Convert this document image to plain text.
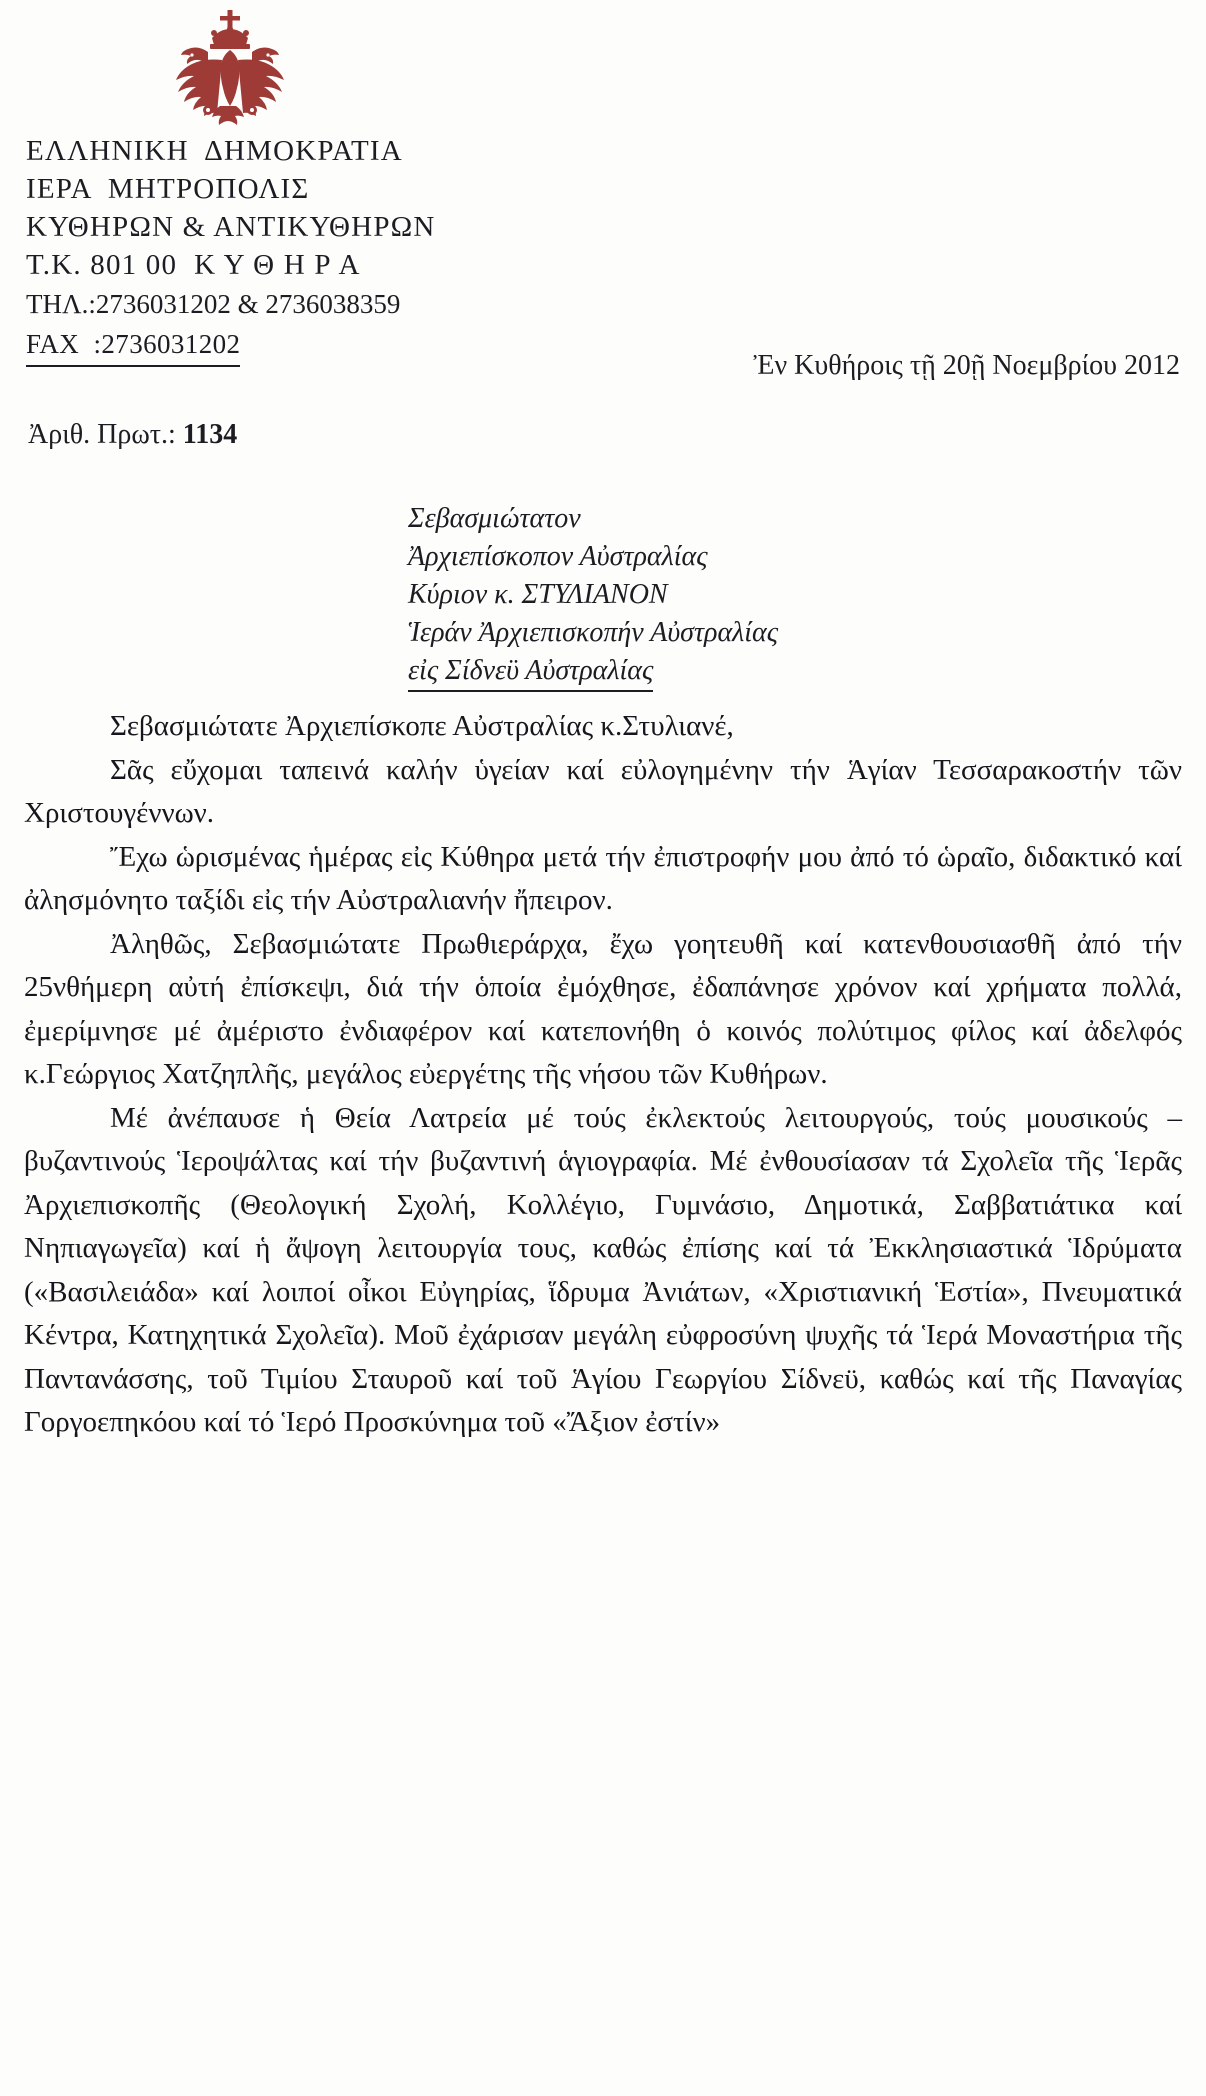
ΕΛΛΗΝΙΚΗ  ΔΗΜΟΚΡΑΤΙΑ
ΙΕΡΑ  ΜΗΤΡΟΠΟΛΙΣ
ΚΥΘΗΡΩΝ & ΑΝΤΙΚΥΘΗΡΩΝ
Τ.Κ. 801 00  Κ Υ Θ Η Ρ Α
ΤΗΛ.:2736031202 & 2736038359
FAX  :2736031202
Ἐν Κυθήροις τῇ 20ῇ Νοεμβρίου 2012
Ἀριθ. Πρωτ.: 1134
Σεβασμιώτατον
Ἀρχιεπίσκοπον Αὐστραλίας
Κύριον κ. ΣΤΥΛΙΑΝΟΝ
Ἱεράν Ἀρχιεπισκοπήν Αὐστραλίας
εἰς Σίδνεϋ Αὐστραλίας

Σεβασμιώτατε Ἀρχιεπίσκοπε Αὐστραλίας κ.Στυλιανέ,

Σᾶς εὔχομαι ταπεινά καλήν ὑγείαν καί εὐλογημένην τήν Ἁγίαν Τεσσαρακοστήν τῶν Χριστουγέννων.

Ἔχω ὡρισμένας ἡμέρας εἰς Κύθηρα μετά τήν ἐπιστροφήν μου ἀπό τό ὡραῖο, διδακτικό καί ἀλησμόνητο ταξίδι εἰς τήν Αὐστραλιανήν ἤπειρον.

Ἀληθῶς, Σεβασμιώτατε Πρωθιεράρχα, ἔχω γοητευθῆ καί κατενθουσιασθῆ ἀπό τήν 25νθήμερη αὐτή ἐπίσκεψι, διά τήν ὁποία ἐμόχθησε, ἐδαπάνησε χρόνον καί χρήματα πολλά, ἐμερίμνησε μέ ἀμέριστο ἐνδιαφέρον καί κατεπονήθη ὁ κοινός πολύτιμος φίλος καί ἀδελφός κ.Γεώργιος Χατζηπλῆς, μεγάλος εὐεργέτης τῆς νήσου τῶν Κυθήρων.

Μέ ἀνέπαυσε ἡ Θεία Λατρεία μέ τούς ἐκλεκτούς λειτουργούς, τούς μουσικούς – βυζαντινούς Ἱεροψάλτας καί τήν βυζαντινή ἁγιογραφία. Μέ ἐνθουσίασαν τά Σχολεῖα τῆς Ἱερᾶς Ἀρχιεπισκοπῆς (Θεολογική Σχολή, Κολλέγιο, Γυμνάσιο, Δημοτικά, Σαββατιάτικα καί Νηπιαγωγεῖα) καί ἡ ἄψογη λειτουργία τους, καθώς ἐπίσης καί τά Ἐκκλησιαστικά Ἱδρύματα («Βασιλειάδα» καί λοιποί οἶκοι Εὐγηρίας, ἵδρυμα Ἀνιάτων, «Χριστιανική Ἑστία», Πνευματικά Κέντρα, Κατηχητικά Σχολεῖα). Μοῦ ἐχάρισαν μεγάλη εὐφροσύνη ψυχῆς τά Ἱερά Μοναστήρια τῆς Παντανάσσης, τοῦ Τιμίου Σταυροῦ καί τοῦ Ἁγίου Γεωργίου Σίδνεϋ, καθώς καί τῆς Παναγίας Γοργοεπηκόου καί τό Ἱερό Προσκύνημα τοῦ «Ἄξιον ἐστίν»
